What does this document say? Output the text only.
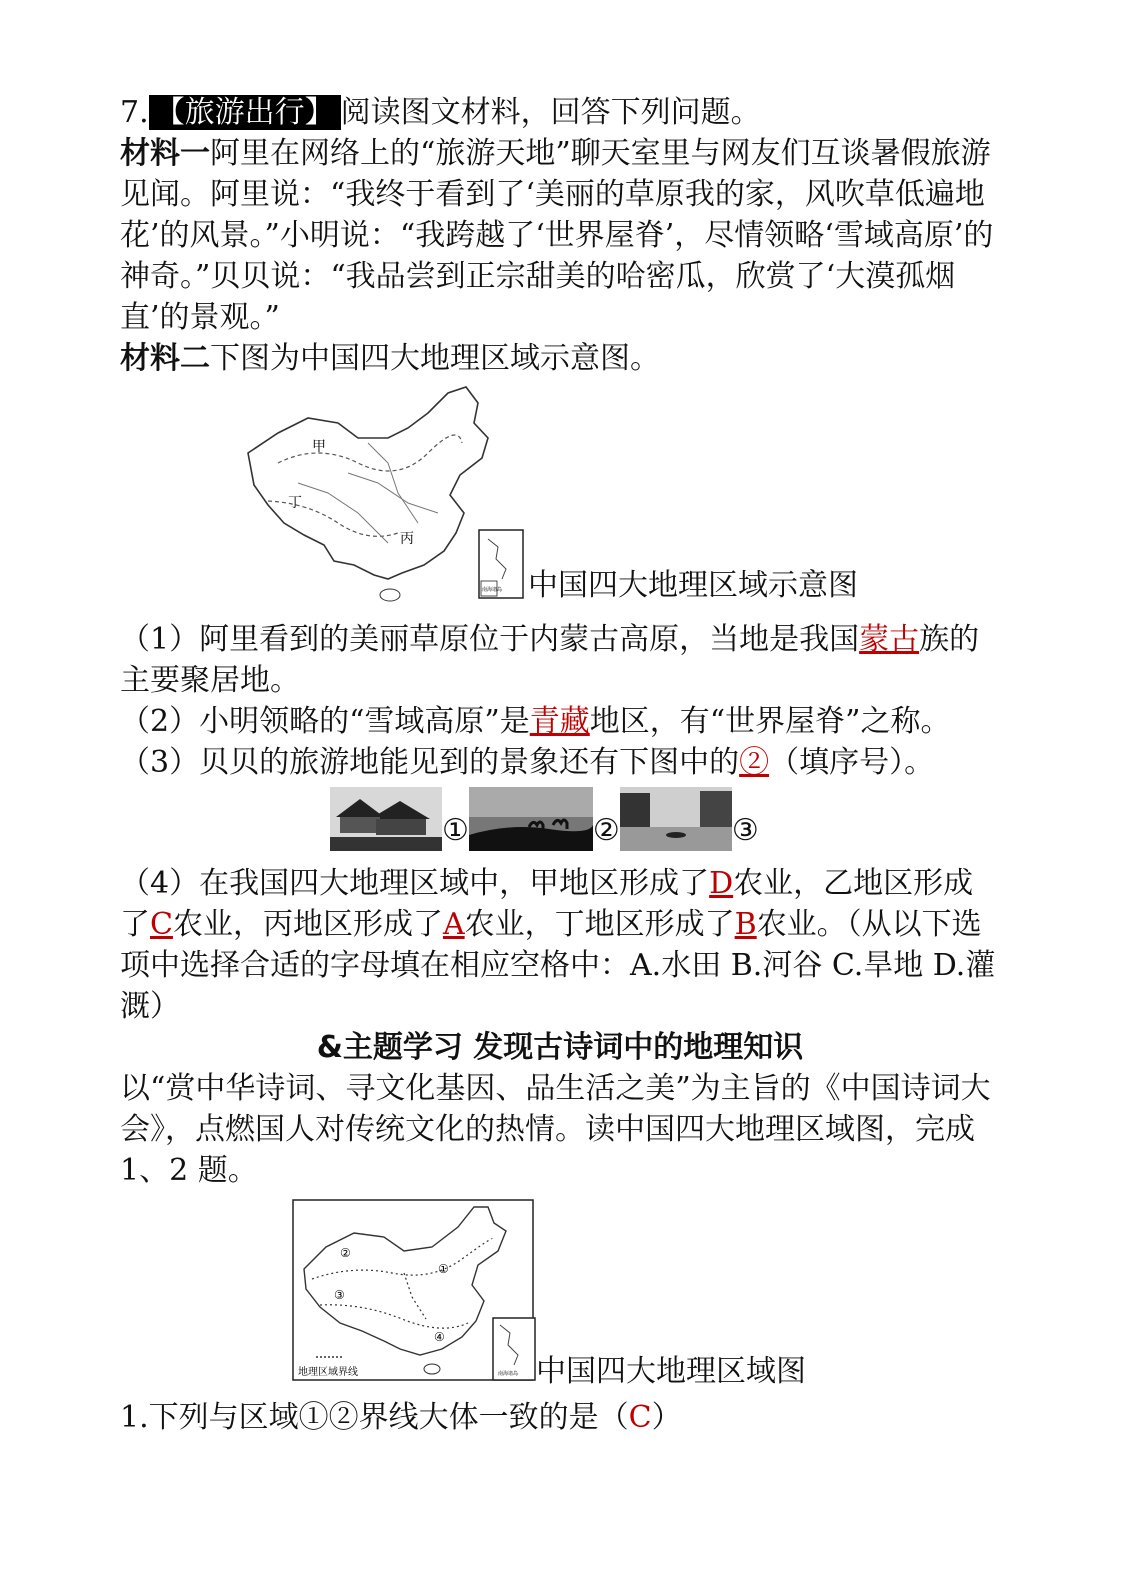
7. 【旅游出行】 阅读图文材料，回答下列问题。

材料一阿里在网络上的“旅游天地”聊天室里与网友们互谈暑假旅游见闻。阿里说：“我终于看到了‘美丽的草原我的家，风吹草低遍地花’的风景。”小明说：“我跨越了‘世界屋脊’，尽情领略‘雪域高原’的神奇。”贝贝说：“我品尝到正宗甜美的哈密瓜，欣赏了‘大漠孤烟直’的景观。”

材料二下图为中国四大地理区域示意图。

甲
丁
丙
南海诸岛 中国四大地理区域示意图

（1）阿里看到的美丽草原位于内蒙古高原，当地是我国蒙古族的主要聚居地。

（2）小明领略的“雪域高原”是青藏地区，有“世界屋脊”之称。

（3）贝贝的旅游地能见到的景象还有下图中的②（填序号）。

①	②	③

（4）在我国四大地理区域中，甲地区形成了D农业，乙地区形成了C农业，丙地区形成了A农业，丁地区形成了B农业。（从以下选项中选择合适的字母填在相应空格中：A.水田 B.河谷 C.旱地 D.灌溉）

&主题学习 发现古诗词中的地理知识

以“赏中华诗词、寻文化基因、品生活之美”为主旨的《中国诗词大会》，点燃国人对传统文化的热情。读中国四大地理区域图，完成 1、2 题。

②
①
③
④
地理区域界线	南海诸岛 中国四大地理区域图

1.下列与区域①②界线大体一致的是（C）
